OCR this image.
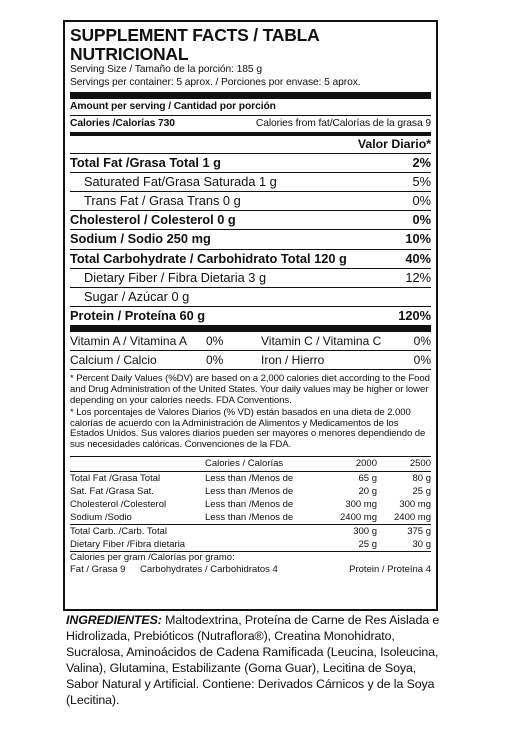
SUPPLEMENT FACTS / TABLA NUTRICIONAL
Serving Size / Tamaño de la porción: 185 g
Servings per container: 5 aprox. / Porciones por envase: 5 aprox.
Amount per serving / Cantidad por porción
Calories /Calorías 730	Calories from fat/Calorías de la grasa 9
Valor Diario*
Total Fat /Grasa Total 1 g	2%
Saturated Fat/Grasa Saturada 1 g	5%
Trans Fat / Grasa Trans 0 g	0%
Cholesterol / Colesterol 0 g	0%
Sodium / Sodio 250 mg	10%
Total Carbohydrate / Carbohidrato Total 120 g	40%
Dietary Fiber / Fibra Dietaria 3 g	12%
Sugar / Azúcar 0 g
Protein / Proteína 60 g	120%
Vitamin A / Vitamina A	0%	Vitamin C / Vitamina C	0%
Calcium / Calcio	0%	Iron / Hierro	0%

* Percent Daily Values (%DV) are based on a 2,000 calories diet according to the Food and Drug Administration of the United States. Your daily values may be higher or lower depending on your calories needs. FDA Conventions.

* Los porcentajes de Valores Diarios (% VD) están basados en una dieta de 2.000 calorías de acuerdo con la Administración de Alimentos y Medicamentos de los Estados Unidos. Sus valores diarios pueden ser mayores o menores dependiendo de sus necesidades calóricas. Convenciones de la FDA.

	Calories / Calorías	2000	2500
Total Fat /Grasa Total	Less than /Menos de	65 g	80 g
Sat. Fat /Grasa Sat.	Less than /Menos de	20 g	25 g
Cholesterol /Colesterol	Less than /Menos de	300 mg	300 mg
Sodium /Sodio	Less than /Menos de	2400 mg	2400 mg
Total Carb. /Carb. Total		300 g	375 g
Dietary Fiber /Fibra dietaria		25 g	30 g
Calories per gram /Calorías por gramo:
Fat / Grasa 9	Carbohydrates / Carbohidratos 4	Protein / Proteína 4
INGREDIENTES: Maltodextrina, Proteína de Carne de Res Aislada e Hidrolizada, Prebióticos (Nutraflora®), Creatina Monohidrato, Sucralosa, Aminoácidos de Cadena Ramificada (Leucina, Isoleucina, Valina), Glutamina, Estabilizante (Goma Guar), Lecitina de Soya, Sabor Natural y Artificial. Contiene: Derivados Cárnicos y de la Soya (Lecitina).
